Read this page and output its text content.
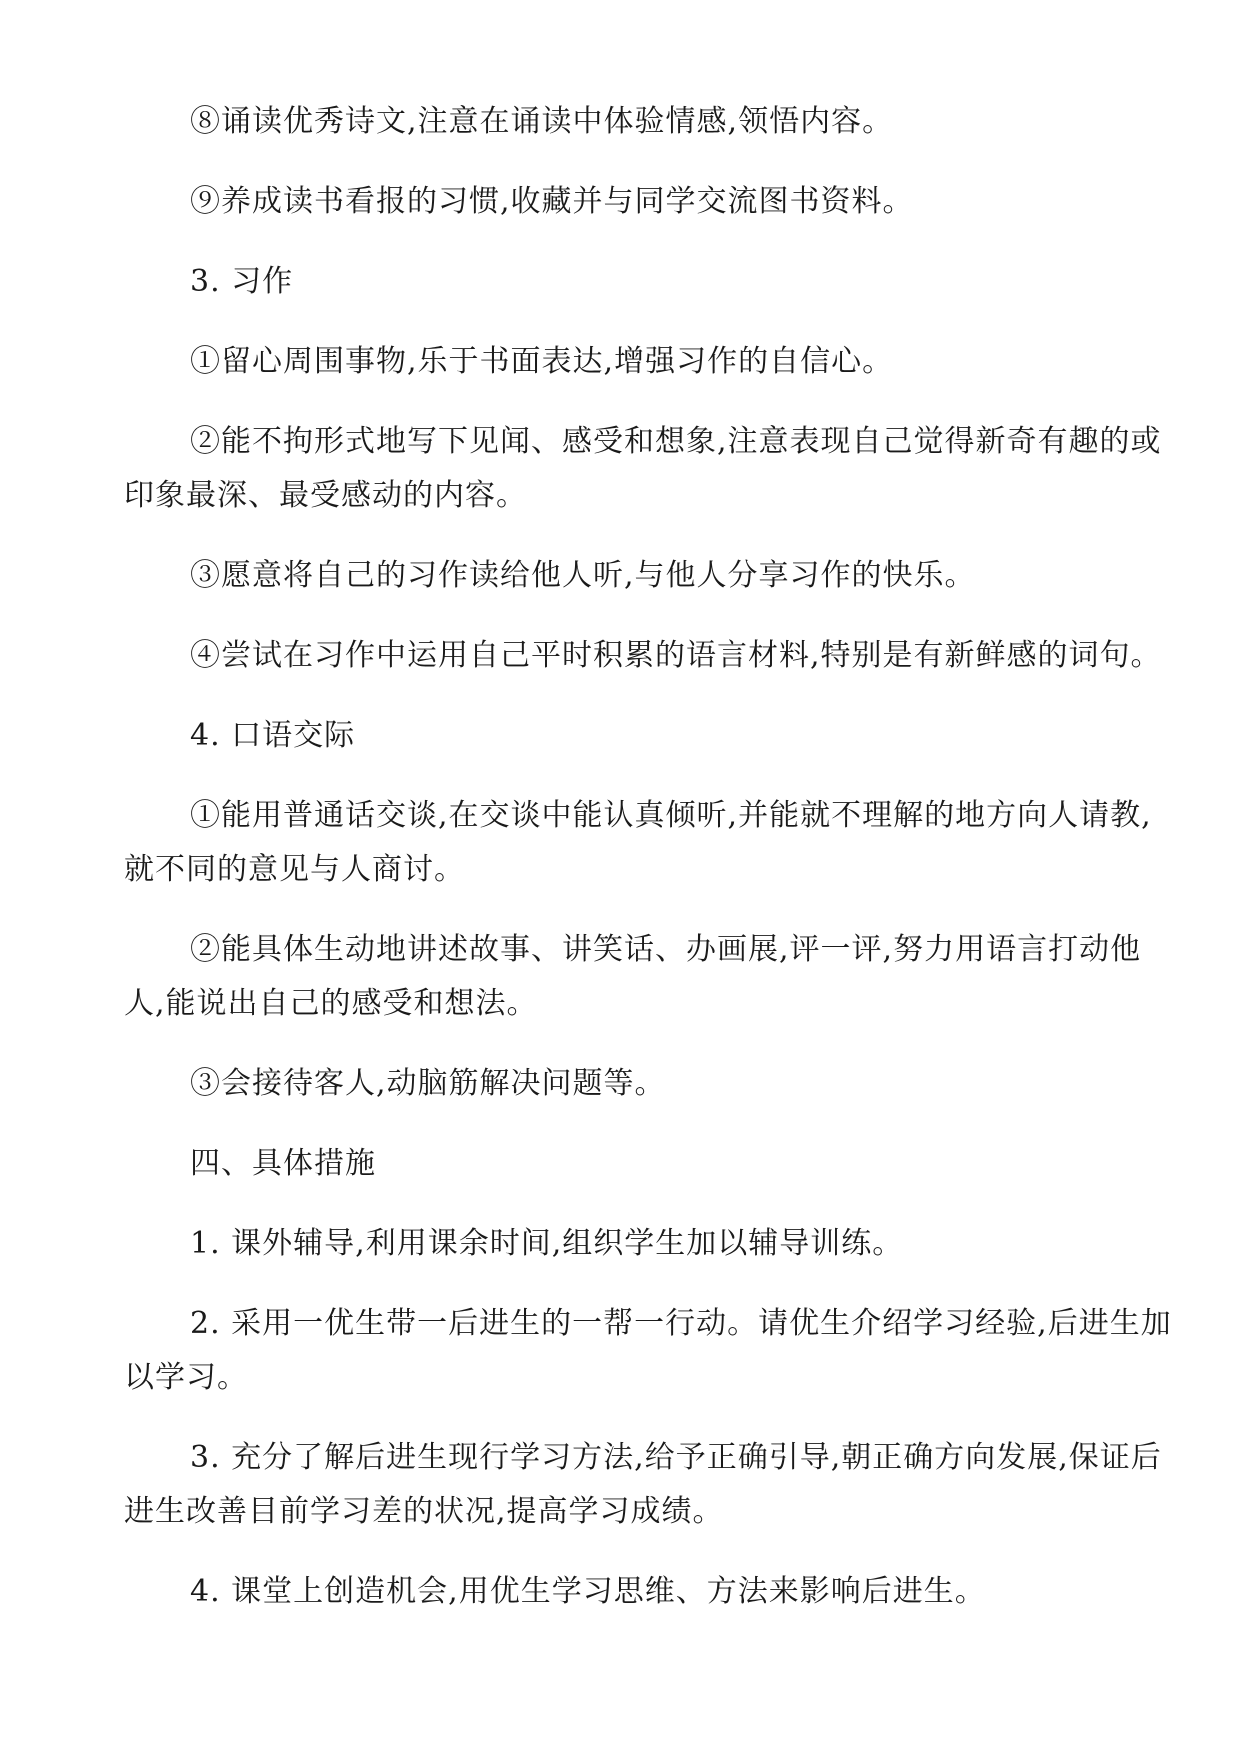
⑧诵读优秀诗文,注意在诵读中体验情感,领悟内容。

⑨养成读书看报的习惯,收藏并与同学交流图书资料。

3. 习作

①留心周围事物,乐于书面表达,增强习作的自信心。

②能不拘形式地写下见闻、感受和想象,注意表现自己觉得新奇有趣的或印象最深、最受感动的内容。

③愿意将自己的习作读给他人听,与他人分享习作的快乐。

④尝试在习作中运用自己平时积累的语言材料,特别是有新鲜感的词句。

4. 口语交际

①能用普通话交谈,在交谈中能认真倾听,并能就不理解的地方向人请教,就不同的意见与人商讨。

②能具体生动地讲述故事、讲笑话、办画展,评一评,努力用语言打动他人,能说出自己的感受和想法。

③会接待客人,动脑筋解决问题等。

四、具体措施

1. 课外辅导,利用课余时间,组织学生加以辅导训练。

2. 采用一优生带一后进生的一帮一行动。请优生介绍学习经验,后进生加以学习。

3. 充分了解后进生现行学习方法,给予正确引导,朝正确方向发展,保证后进生改善目前学习差的状况,提高学习成绩。

4. 课堂上创造机会,用优生学习思维、方法来影响后进生。
